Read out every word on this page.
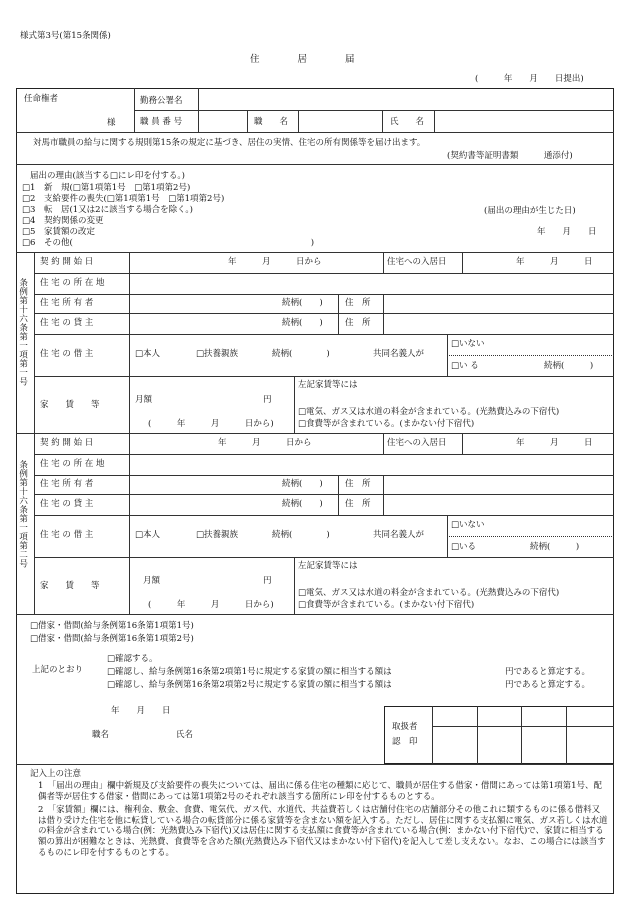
様式第3号(第15条関係)
住　　　　居　　　　届
(　　　年　　月　　日提出)
任命権者
様
勤務公署名
職 員 番 号	職　　名	氏　　名
対馬市職員の給与に関する規則第15条の規定に基づき、居住の実情、住宅の所有関係等を届け出ます。
(契約書等証明書類　　　通添付)
届出の理由(該当する□にレ印を付する。)
□1　新　規(□第1項第1号　□第1項第2号)
□2　支給要件の喪失(□第1項第1号　□第1項第2号)
□3　転　居(1又は2に該当する場合を除く。)
□4　契約関係の変更
□5　家賃額の改定
□6　その他(　　　　　　　　　　　　　　　　　　　　　　　　　　　　)
(届出の理由が生じた日)
年　　月　　日
条例第十六条第一項第一号
契 約 開 始 日	年　　　月　　　日から	住宅への入居日	年　　　月　　　日
住 宅 の 所 在 地
住 宅 所 有 者	続柄(　　)	住　所
住 宅 の 貸 主	続柄(　　)	住　所
住 宅 の 借 主	□本人	□扶養親族	続柄(　　　　)	共同名義人が
□いない
□い る	続柄(　　　)
家　　賃　　等	月額	円
(　　　年　　　月　　　日から)
左記家賃等には
□電気、ガス又は水道の料金が含まれている。(光熱費込みの下宿代)
□食費等が含まれている。(まかない付下宿代)
条例第十六条第一項第二号
契 約 開 始 日	年　　　月　　　日から	住宅への入居日	年　　　月　　　日
住 宅 の 所 在 地
住 宅 所 有 者	続柄(　　)	住　所
住 宅 の 貸 主	続柄(　　)	住　所
住 宅 の 借 主	□本人	□扶養親族	続柄(　　　　)	共同名義人が
□いない
□いる	続柄(　　　)
家　　賃　　等	月額	円
(　　　年　　　月　　　日から)
左記家賃等には
□電気、ガス又は水道の料金が含まれている。(光熱費込みの下宿代)
□食費等が含まれている。(まかない付下宿代)
□借家・借間(給与条例第16条第1項第1号)
□借家・借間(給与条例第16条第1項第2号)
上記のとおり
□確認する。
□確認し、給与条例第16条第2項第1号に規定する家賃の額に相当する額は
□確認し、給与条例第16条第2項第2号に規定する家賃の額に相当する額は
円であると算定する。
円であると算定する。
年　　月　　日
職名	氏名
取扱者
認　印
記入上の注意

1　「届出の理由」欄中新規及び支給要件の喪失については、届出に係る住宅の種類に応じて、職員が居住する借家・借間にあっては第1項第1号、配偶者等が居住する借家・借間にあっては第1項第2号のそれぞれ該当する箇所にレ印を付するものとする。

2　「家賃額」欄には、権利金、敷金、食費、電気代、ガス代、水道代、共益費若しくは店舗付住宅の店舗部分その他これに類するものに係る借料又は借り受けた住宅を他に転貸している場合の転貸部分に係る家賃等を含まない額を記入する。ただし、居住に関する支払額に電気、ガス若しくは水道の料金が含まれている場合(例：光熱費込み下宿代)又は居住に関する支払額に食費等が含まれている場合(例：まかない付下宿代)で、家賃に相当する額の算出が困難なときは、光熱費、食費等を含めた額(光熱費込み下宿代又はまかない付下宿代)を記入して差し支えない。なお、この場合には該当するものにレ印を付するものとする。
